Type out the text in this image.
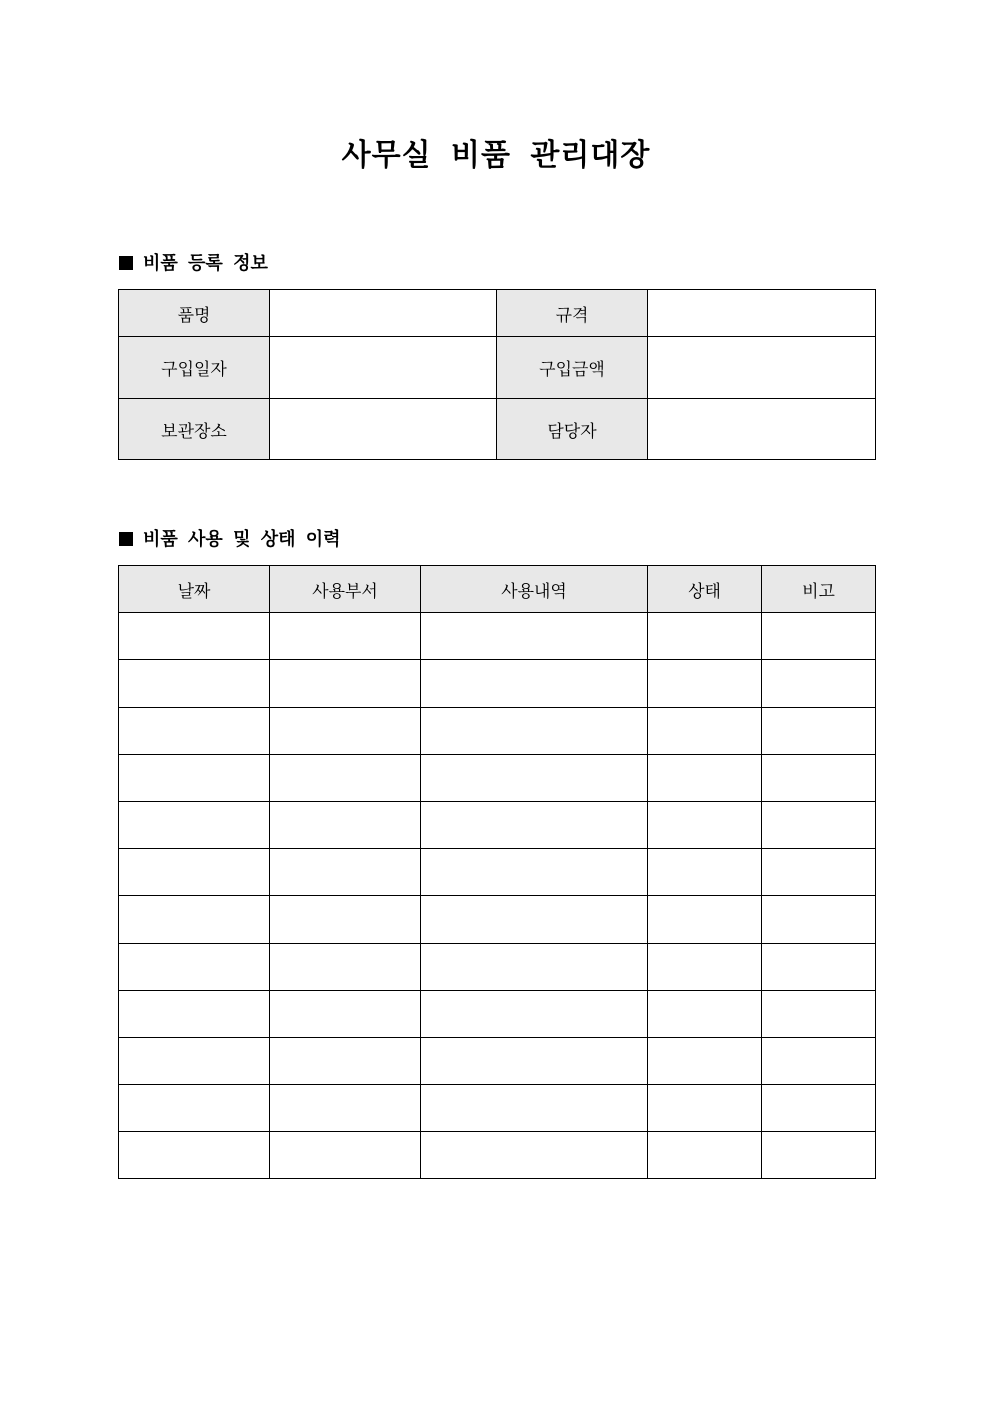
사무실 비품 관리대장
비품 등록 정보
품명		규격	
구입일자		구입금액	
보관장소		담당자	
비품 사용 및 상태 이력
날짜	사용부서	사용내역	상태	비고
